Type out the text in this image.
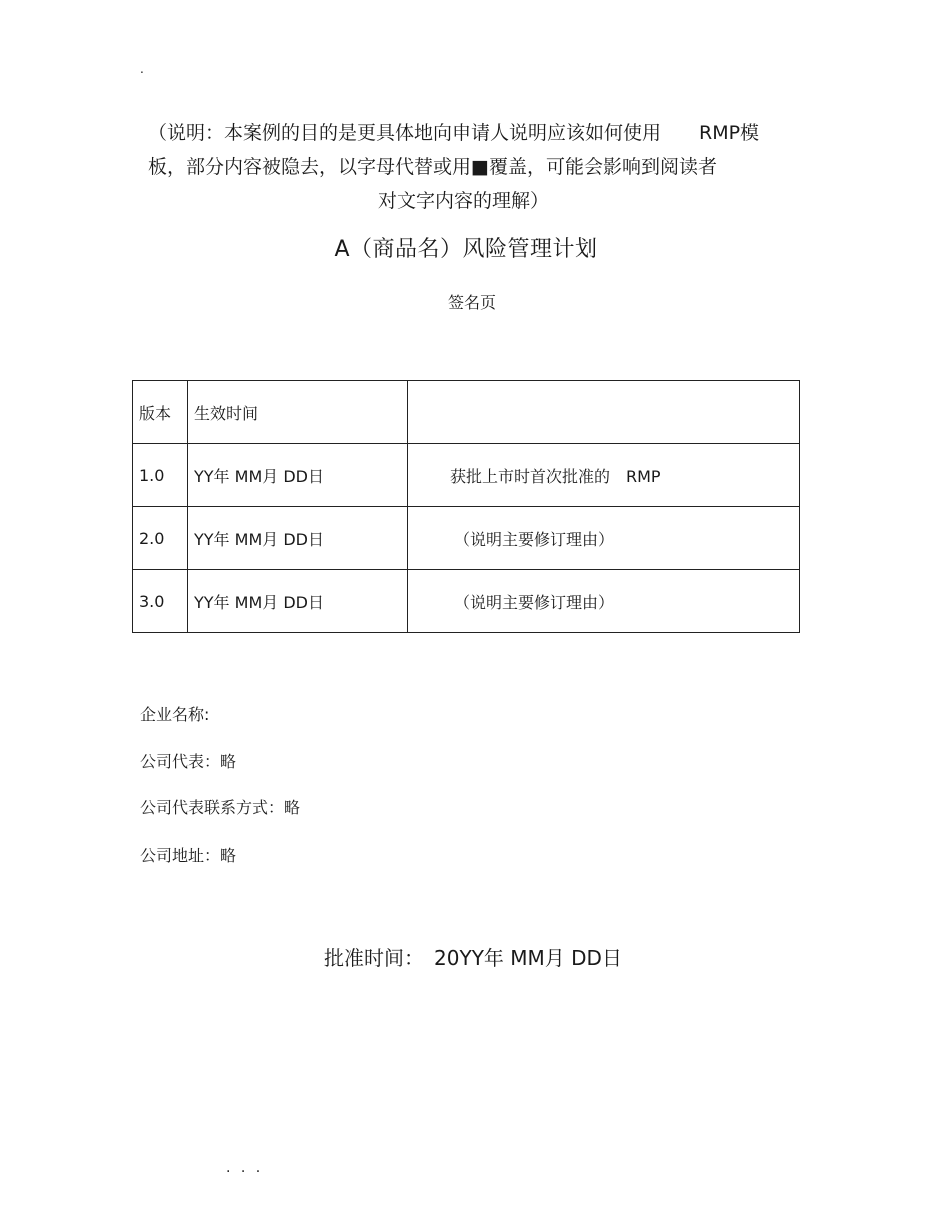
.
（说明：本案例的目的是更具体地向申请人说明应该如何使用　　RMP模
板，部分内容被隐去，以字母代替或用■覆盖，可能会影响到阅读者
对文字内容的理解）
A（商品名）风险管理计划
签名页
版本	生效时间	
1.0	YY年 MM月 DD日	获批上市时首次批准的　RMP
2.0	YY年 MM月 DD日	（说明主要修订理由）
3.0	YY年 MM月 DD日	（说明主要修订理由）
企业名称:
公司代表：略
公司代表联系方式：略
公司地址：略
批准时间：　20YY年 MM月 DD日
. . .
